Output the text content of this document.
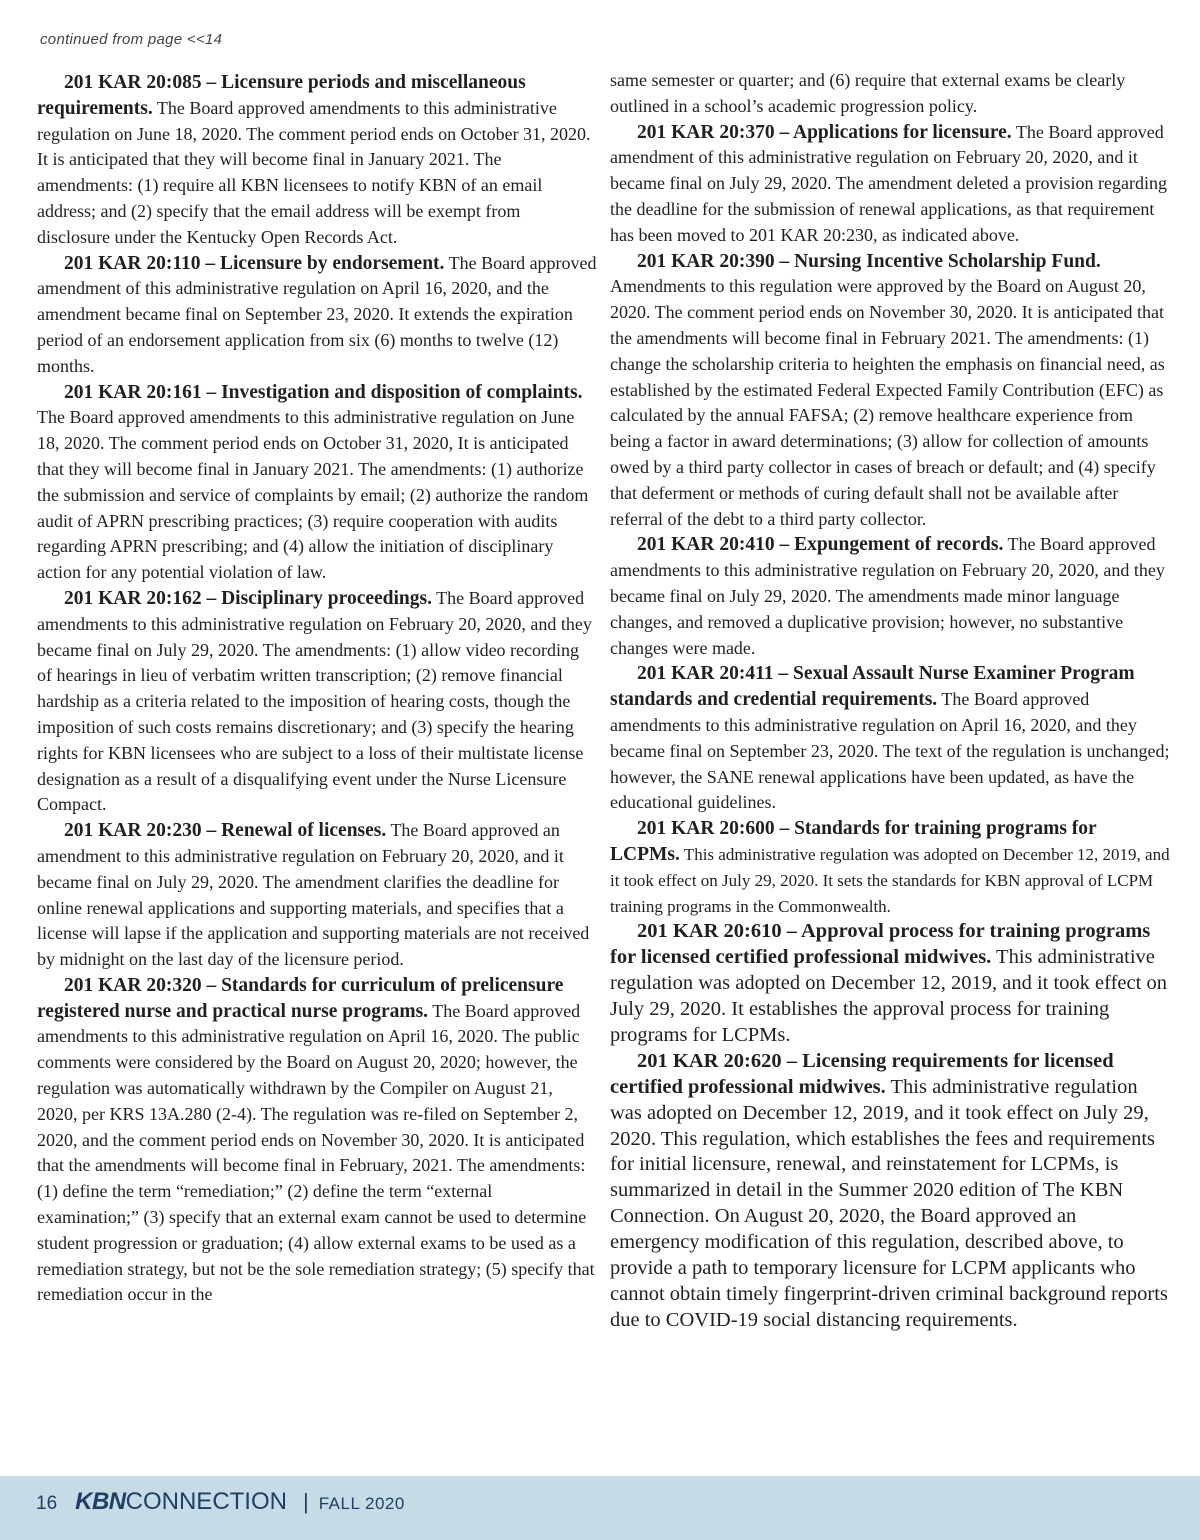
continued from page <<14

201 KAR 20:085 – Licensure periods and miscellaneous requirements. The Board approved amendments to this administrative regulation on June 18, 2020. The comment period ends on October 31, 2020. It is anticipated that they will become final in January 2021. The amendments: (1) require all KBN licensees to notify KBN of an email address; and (2) specify that the email address will be exempt from disclosure under the Kentucky Open Records Act.

201 KAR 20:110 – Licensure by endorsement. The Board approved amendment of this administrative regulation on April 16, 2020, and the amendment became final on September 23, 2020. It extends the expiration period of an endorsement application from six (6) months to twelve (12) months.

201 KAR 20:161 – Investigation and disposition of complaints. The Board approved amendments to this administrative regulation on June 18, 2020. The comment period ends on October 31, 2020, It is anticipated that they will become final in January 2021. The amendments: (1) authorize the submission and service of complaints by email; (2) authorize the random audit of APRN prescribing practices; (3) require cooperation with audits regarding APRN prescribing; and (4) allow the initiation of disciplinary action for any potential violation of law.

201 KAR 20:162 – Disciplinary proceedings. The Board approved amendments to this administrative regulation on February 20, 2020, and they became final on July 29, 2020. The amendments: (1) allow video recording of hearings in lieu of verbatim written transcription; (2) remove financial hardship as a criteria related to the imposition of hearing costs, though the imposition of such costs remains discretionary; and (3) specify the hearing rights for KBN licensees who are subject to a loss of their multistate license designation as a result of a disqualifying event under the Nurse Licensure Compact.

201 KAR 20:230 – Renewal of licenses. The Board approved an amendment to this administrative regulation on February 20, 2020, and it became final on July 29, 2020. The amendment clarifies the deadline for online renewal applications and supporting materials, and specifies that a license will lapse if the application and supporting materials are not received by midnight on the last day of the licensure period.

201 KAR 20:320 – Standards for curriculum of prelicensure registered nurse and practical nurse programs. The Board approved amendments to this administrative regulation on April 16, 2020. The public comments were considered by the Board on August 20, 2020; however, the regulation was automatically withdrawn by the Compiler on August 21, 2020, per KRS 13A.280 (2-4). The regulation was re-filed on September 2, 2020, and the comment period ends on November 30, 2020. It is anticipated that the amendments will become final in February, 2021. The amendments: (1) define the term “remediation;” (2) define the term “external examination;” (3) specify that an external exam cannot be used to determine student progression or graduation; (4) allow external exams to be used as a remediation strategy, but not be the sole remediation strategy; (5) specify that remediation occur in the

same semester or quarter; and (6) require that external exams be clearly outlined in a school’s academic progression policy.

201 KAR 20:370 – Applications for licensure. The Board approved amendment of this administrative regulation on February 20, 2020, and it became final on July 29, 2020. The amendment deleted a provision regarding the deadline for the submission of renewal applications, as that requirement has been moved to 201 KAR 20:230, as indicated above.

201 KAR 20:390 – Nursing Incentive Scholarship Fund. Amendments to this regulation were approved by the Board on August 20, 2020. The comment period ends on November 30, 2020. It is anticipated that the amendments will become final in February 2021. The amendments: (1) change the scholarship criteria to heighten the emphasis on financial need, as established by the estimated Federal Expected Family Contribution (EFC) as calculated by the annual FAFSA; (2) remove healthcare experience from being a factor in award determinations; (3) allow for collection of amounts owed by a third party collector in cases of breach or default; and (4) specify that deferment or methods of curing default shall not be available after referral of the debt to a third party collector.

201 KAR 20:410 – Expungement of records. The Board approved amendments to this administrative regulation on February 20, 2020, and they became final on July 29, 2020. The amendments made minor language changes, and removed a duplicative provision; however, no substantive changes were made.

201 KAR 20:411 – Sexual Assault Nurse Examiner Program standards and credential requirements. The Board approved amendments to this administrative regulation on April 16, 2020, and they became final on September 23, 2020. The text of the regulation is unchanged; however, the SANE renewal applications have been updated, as have the educational guidelines.

201 KAR 20:600 – Standards for training programs for LCPMs. This administrative regulation was adopted on December 12, 2019, and it took effect on July 29, 2020. It sets the standards for KBN approval of LCPM training programs in the Commonwealth.

201 KAR 20:610 – Approval process for training programs for licensed certified professional midwives. This administrative regulation was adopted on December 12, 2019, and it took effect on July 29, 2020. It establishes the approval process for training programs for LCPMs.

201 KAR 20:620 – Licensing requirements for licensed certified professional midwives. This administrative regulation was adopted on December 12, 2019, and it took effect on July 29, 2020. This regulation, which establishes the fees and requirements for initial licensure, renewal, and reinstatement for LCPMs, is summarized in detail in the Summer 2020 edition of The KBN Connection. On August 20, 2020, the Board approved an emergency modification of this regulation, described above, to provide a path to temporary licensure for LCPM applicants who cannot obtain timely fingerprint-driven criminal background reports due to COVID-19 social distancing requirements.

16 KBN CONNECTION | FALL 2020
